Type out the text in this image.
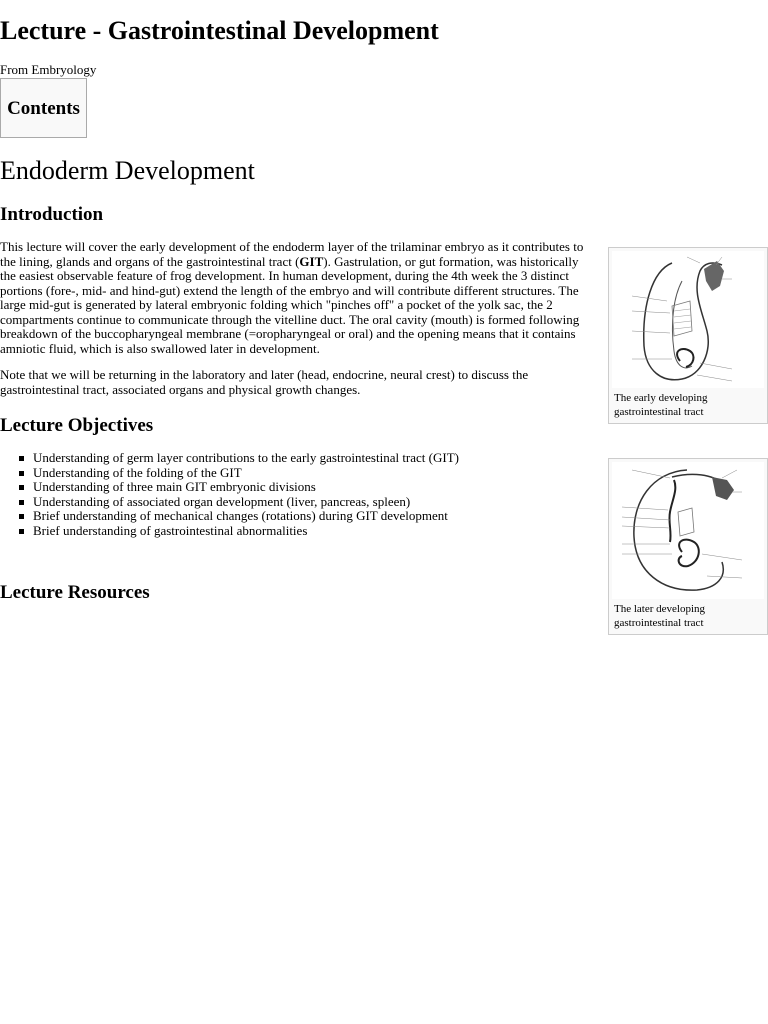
Lecture - Gastrointestinal Development
From Embryology
Contents
Endoderm Development
Introduction

This lecture will cover the early development of the endoderm layer of the trilaminar embryo as it contributes to the lining, glands and organs of the gastrointestinal tract (GIT). Gastrulation, or gut formation, was historically the easiest observable feature of frog development. In human development, during the 4th week the 3 distinct portions (fore-, mid- and hind-gut) extend the length of the embryo and will contribute different structures. The large mid-gut is generated by lateral embryonic folding which "pinches off" a pocket of the yolk sac, the 2 compartments continue to communicate through the vitelline duct. The oral cavity (mouth) is formed following breakdown of the buccopharyngeal membrane (=oropharyngeal or oral) and the opening means that it contains amniotic fluid, which is also swallowed later in development.

Note that we will be returning in the laboratory and later (head, endocrine, neural crest) to discuss the gastrointestinal tract, associated organs and physical growth changes.

Lecture Objectives
Understanding of germ layer contributions to the early gastrointestinal tract (GIT)
Understanding of the folding of the GIT
Understanding of three main GIT embryonic divisions
Understanding of associated organ development (liver, pancreas, spleen)
Brief understanding of mechanical changes (rotations) during GIT development
Brief understanding of gastrointestinal abnormalities
Lecture Resources

The early developing gastrointestinal tract

The later developing gastrointestinal tract
